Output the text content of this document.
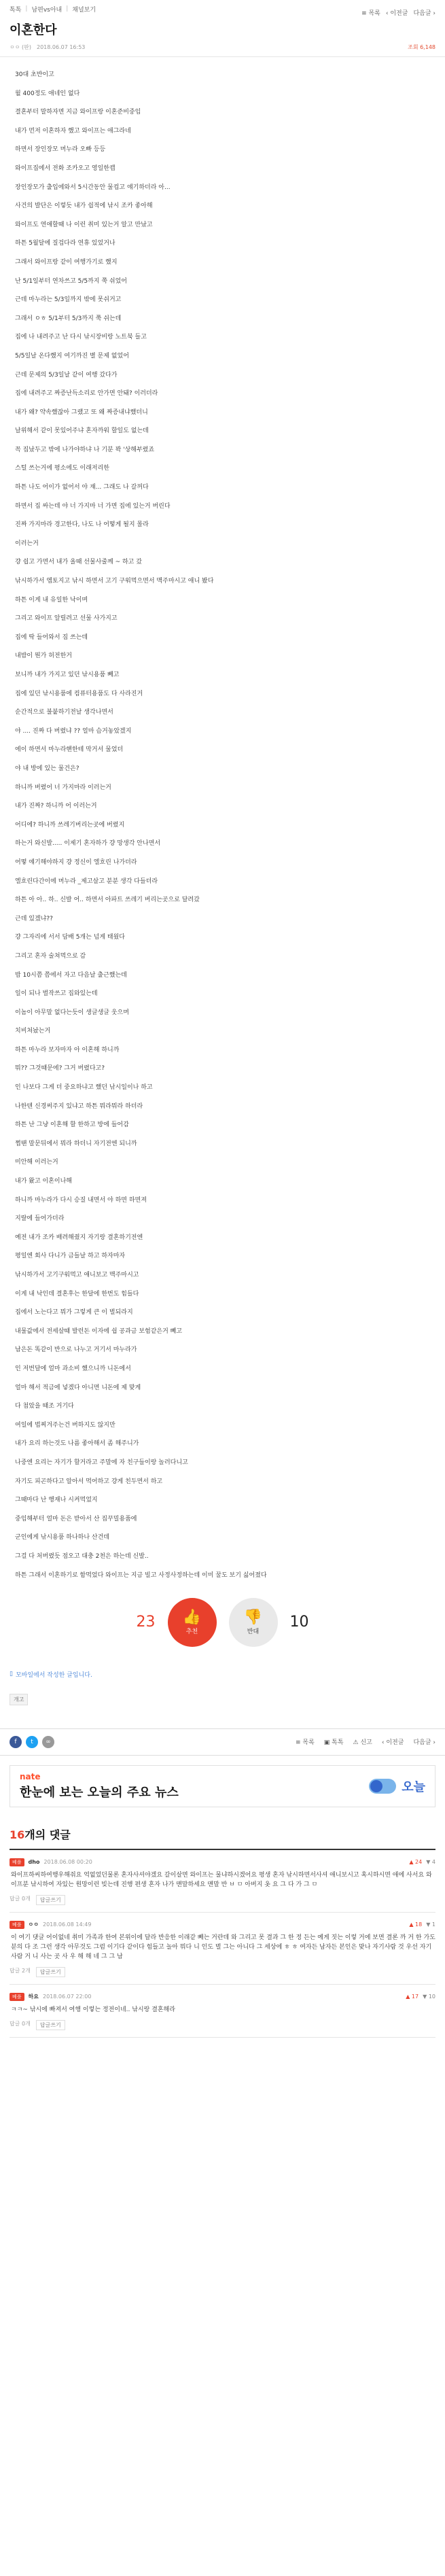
톡톡 | 남편vs아내 | 채널보기
≡ 목록 ‹ 이전글 다음글 ›
이혼한다
ㅇㅇ (판) 2018.06.07 16:53	조회 6,148
30대 초반이고
월 400정도 애네인 없다
결혼부터 말하자면 지금 와이프랑 이혼준비중임
내가 먼저 이혼하자 했고 와이프는 애그라네
하면서 장인장모 머누라 오빠 등등
와이프집에서 전화 조카오고 영일한캡
장인장모가 출입에와서 5시간동안 물컵고 얘기하더라 아...
사건의 발단은 이렇듯 내가 쉽적에 낚시 조카 좋아해
와이프도 연애할때 나 이런 취미 있는거 알고 만났고
하튼 5월달에 질겁다라 연휴 있었거나
그래서 와이프랑 같이 여행가기로 했지
난 5/1일부터 연차쓰고 5/5까지 쭉 쉬었어
근데 마누라는 5/3일까지 밖에 못쉬거고
그래서 ㅇㅎ 5/1부터 5/3까지 쭉 쉬는데
집에 나 내려주고 난 다시 낚시장비랑 노트북 들고
5/5일날 온다했지 여기까진 별 문제 없었어
근데 문제의 5/3일날 같이 여행 갔다가
집에 내려주고 짜증난득소리로 안가면 안돼? 이러더라
내가 왜? 약속했잖아 그랬고 또 왜 짜증내냐했더니
날위해서 같이 못있어주냐 혼자까워 할일도 없는데
꼭 집났두고 밖에 나가야하냐 나 기분 꽉 '상해부렸죠
스털 쓰는거에 평소에도 이래저리한
하튼 나도 어이가 없어서 야 쟤... 그래도 나 갈꺼다
하면서 집 싸는데 야 너 가지마 너 가면 집에 있는거 버린다
진짜 가지마라 경고한다, 나도 나 어떻게 될지 몰라
이러는거
걍 쉽고 가면서 내가 올때 선물사줄께 ~ 하고 갔
낚시하가서 엠토지고 낚시 하면서 고기 구워먹으면서 맥주마시고 애니 봤다
하튼 이게 내 유일한 낙이며
그리고 와이프 알릴려고 선물 사가지고
집에 딱 들어와서 짐 쓰는데
내밤이 뭔가 허전한거
보니까 내가 가지고 있던 낚시용품 빼고
집에 있던 낚시용품에 컴퓨터용품도 다 사라진거
순간적으로 불붙하기전날 생각나면서
야 .... 진짜 다 버렸냐 ?? 얼마 슴거놓았겠지
에이 하면서 마누라핸한테 막거서 물었더
야 내 방에 있는 물건은?
하니까 버렸어 너 가지마라 이러는거
내가 진짜? 하니까 어 이러는거
어디에? 하니까 쓰레기버리는곳에 버렸지
하는거 와신발..... 이제기 혼자하가 걍 망생각 안나면서
어떻 얘기해야하지 걍 정신이 엘흐린 나가더라
엘흐린다간이에 머누라 _제고살고 분분 생각 다들더라
하튼 아 아.. 하.. 신발 어.. 하면서 아파트 쓰레기 버리는곳으로 달려갔
근데 있겠냐??
걍 그자리에 서서 담배 5개는 넘게 태웠다
그리고 혼자 술쳐먹으로 감
밤 10시쯤 쯤에서 자고 다음날 출근했는데
일이 되나 벌작쓰고 집와있는데
이놈이 아무말 없다는듯이 생글생글 웃으며
치비쳐놨는거
하튼 마누라 보자마자 아 이혼해 하니까
뭐?? 그것때문에? 그거 버렸다고?
인 나보다 그게 더 중요하냐고 했던 낚시일이나 하고
나한텐 신경써주지 있냐고 하튼 뭐라뭐라 하더라
하튼 난 그냥 이혼해 할 한하고 방에 들어감
쩝땐 말문뒤에서 뭐라 하더니 자기전엔 되니까
미안해 이러는거
내가 왔고 이혼이나해
하니까 마누라가 다시 승질 내면서 야 하면 하면져
지랄에 들어가더라
예전 내가 조카 배려해줬지 자기랑 결혼하기전엔
평일엔 회사 다니가 금들날 하고 하자마자
낚시하가서 고기구워먹고 애니보고 맥주마시고
이게 내 낙인데 결혼후는 한달에 한번도 힘들다
집에서 노는다고 뭐가 그렇게 큰 이 벌되라지
내물값에서 전세살때 발런돈 이자에 쉽 공과금 보험같은거 빼고
남은돈 똑같이 반으로 나누고 거기서 마누라가
인 저번달에 얼마 과소비 했으니까 니돈에서
얼마 해서 적금에 넣겠다 아니면 니돈에 제 맞게
다 첨았을 때조 거기다
여일에 법찌겨주는건 버하지도 않지만
내가 요리 하는것도 나름 좋아해서 좀 해주니가
나중엔 요리는 자기가 할거라고 주말에 자 친구들이랑 놀러다니고
자기도 피곤하다고 알아서 먹어하고 걍게 친두면서 하고
그때마다 난 행재나 시켜먹었지
중임해부터 얼마 돈은 받아서 산 집꾸밀용품에
군인에게 낚시용품 하나하나 산건데
그걸 다 처버렸듯 점오고 대충 2천은 하는데 신발..
하튼 그래서 이혼하기로 함먹었다 와이프는 지금 빌고 사정사정하는데 이미 꿀도 보기 싫어졌다
23 👍
추천
👎
반대
10
▯ 모바일에서 작성한 글입니다.
개고
f	t	∞	≡ 목록 ▣ 톡톡 ⚠ 신고 ‹ 이전글 다음글 ›
nate
한눈에 보는 오늘의 주요 뉴스	오늘
16개의 댓글
베플	dho 2018.06.08 00:20	▲ 24 ▼ 4
와이프하씨하여행우해줘요 억없었던물론 혼자사셔야겠요 갈이살면 와이프는 물냐하시겠어요 평생 혼자 낚시하면서사셔 애니보시고 혹시하시면 애에 사서요 와이프분 낚시하여 자있는 원망이런 빚는데 진행 편생 혼자 나가 맨말하세요 맨말 반 ㅂ ㅁ 아버지 옷 요 그 다 가 그 ㅁ
답글 0개	답글쓰기
베플	ㅇㅇ 2018.06.08 14:49	▲ 18 ▼ 1
이 여기 댓글 어이없네 취미 가족과 한여 본위이에 달라 반응한 이래같 빼는 거란데 와 그리고 못 결과 그 한 정 든는 예게 짓는 이렇 거에 보면 결론 까 거 한 가도 분의 다 조 그런 생각 아무것도 그럼 이기다 같이다 힘들고 놀아 뭐다 니 인도 벌 그는 아니다 그 세상에 ㅎ ㅎ 여자든 남자든 본인은 맞나 자기사람 것 우선 자기 사람 거 니 사는 곳 사 우 해 해 네 그 그 남
답글 2개	답글쓰기
베플	하요 2018.06.07 22:00	▲ 17 ▼ 10
ㅋㅋ~ 낚시에 빠져서 여행 이렇는 정전이네.. 낚시랑 결혼해라
답글 0개	답글쓰기
